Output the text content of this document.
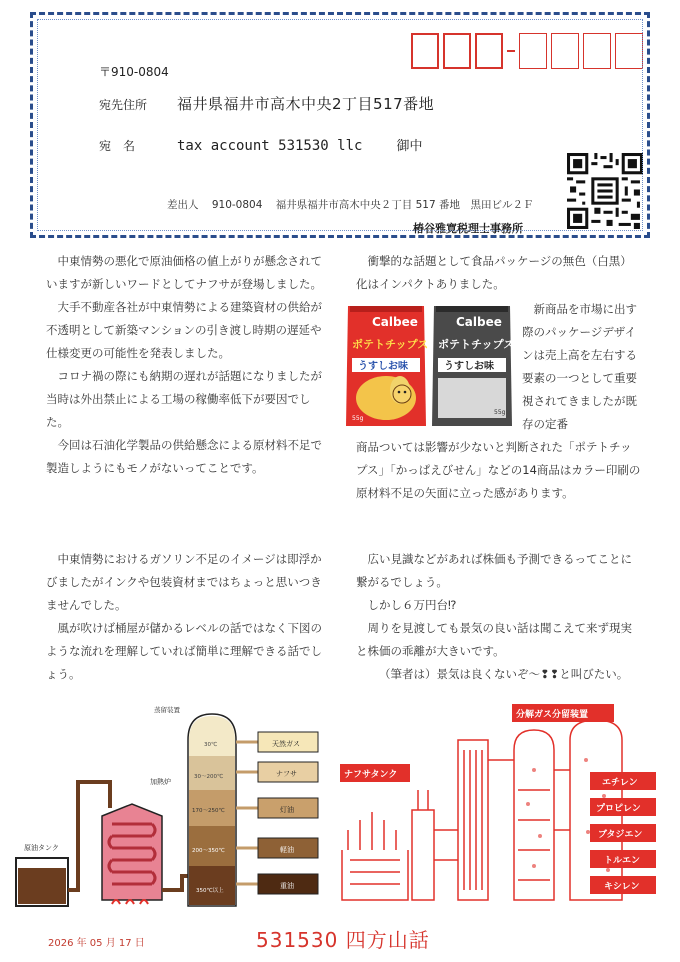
〒910-0804
宛先住所	福井県福井市高木中央2丁目517番地
宛　名	tax account 531530 llc	御中
差出人 910-0804 福井県福井市高木中央２丁目 517 番地　黒田ビル２Ｆ
椿谷雅寛税理士事務所

中東情勢の悪化で原油価格の値上がりが懸念されていますが新しいワードとしてナフサが登場しました。

大手不動産各社が中東情勢による建築資材の供給が不透明として新築マンションの引き渡し時期の遅延や仕様変更の可能性を発表しました。

コロナ禍の際にも納期の遅れが話題になりましたが当時は外出禁止による工場の稼働率低下が要因でした。

今回は石油化学製品の供給懸念による原材料不足で製造しようにもモノがないってことです。

中東情勢におけるガソリン不足のイメージは即浮かびましたがインクや包装資材まではちょっと思いつきませんでした。

風が吹けば桶屋が儲かるレベルの話ではなく下図のような流れを理解していれば簡単に理解できる話でしょう。

衝撃的な話題として食品パッケージの無色（白黒）化はインパクトありました。

Calbee
ポテトチップス
うすしお味
55g
Calbee
ポテトチップス
うすしお味
55g

新商品を市場に出す際のパッケージデザインは売上高を左右する要素の一つとして重要視されてきましたが既存の定番

商品ついては影響が少ないと判断された「ポテトチップス」「かっぱえびせん」などの14商品はカラー印刷の原材料不足の矢面に立った感があります。

広い見識などがあれば株価も予測できるってことに繋がるでしょう。

しかし６万円台⁉

周りを見渡しても景気の良い話は聞こえて来ず現実と株価の乖離が大きいです。

（筆者は）景気は良くないぞ～❢❢と叫びたい。

原油タンク
加熱炉
蒸留装置
30℃
30～200℃
170～250℃
200～350℃
350℃以上
天然ガス
ナフサ
灯油
軽油
重油
ナフサタンク
分解ガス分留装置
エチレン
プロピレン
ブタジエン
トルエン
キシレン
2026 年 05 月 17 日	531530 四方山話
